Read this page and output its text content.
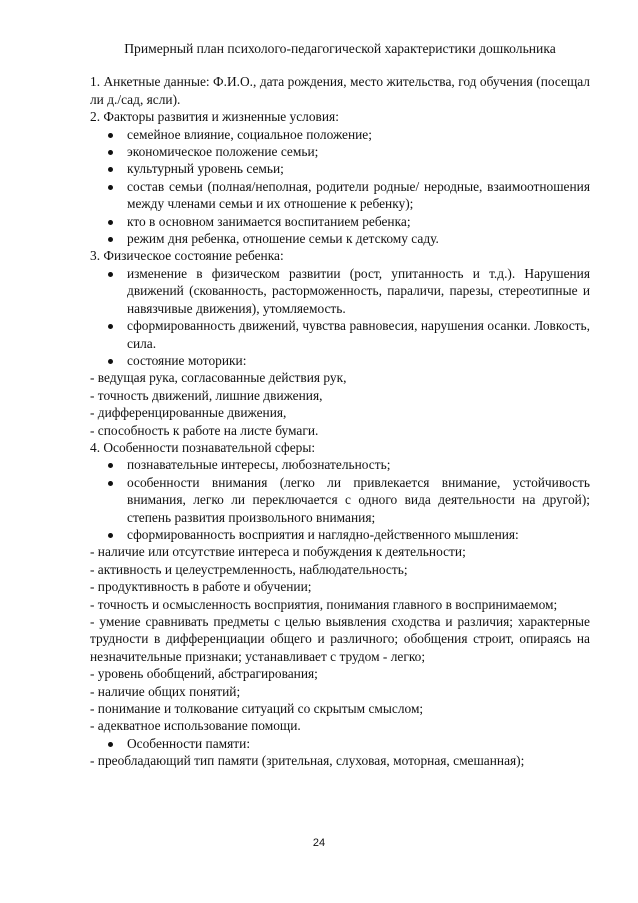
Примерный план психолого-педагогической характеристики дошкольника

1. Анкетные данные: Ф.И.О., дата рождения, место жительства, год обучения (посещал ли д./сад, ясли).

2. Факторы развития и жизненные условия:

семейное влияние, социальное положение;
экономическое положение семьи;
культурный уровень семьи;
состав семьи (полная/неполная, родители родные/ неродные, взаимоотношения между членами семьи и их отношение к ребенку);
кто в основном занимается воспитанием ребенка;
режим дня ребенка, отношение семьи к детскому саду.

3. Физическое состояние ребенка:

изменение в физическом развитии (рост, упитанность и т.д.). Нарушения движений (скованность, расторможенность, параличи, парезы, стереотипные и навязчивые движения), утомляемость.
сформированность движений, чувства равновесия, нарушения осанки. Ловкость, сила.
состояние моторики:

- ведущая рука, согласованные действия рук,

- точность движений, лишние движения,

- дифференцированные движения,

- способность к работе на листе бумаги.

4. Особенности познавательной сферы:

познавательные интересы, любознательность;
особенности внимания (легко ли привлекается внимание, устойчивость внимания, легко ли переключается с одного вида деятельности на другой); степень развития произвольного внимания;
сформированность восприятия и наглядно-действенного мышления:

- наличие или отсутствие интереса и побуждения к деятельности;

- активность и целеустремленность, наблюдательность;

- продуктивность в работе и обучении;

- точность и осмысленность восприятия, понимания главного в воспринимаемом;

- умение сравнивать предметы с целью выявления сходства и различия; характерные трудности в дифференциации общего и различного; обобщения строит, опираясь на незначительные признаки; устанавливает с трудом - легко;

- уровень обобщений, абстрагирования;

- наличие общих понятий;

- понимание и толкование ситуаций со скрытым смыслом;

- адекватное использование помощи.

Особенности памяти:

- преобладающий тип памяти (зрительная, слуховая, моторная, смешанная);

24
